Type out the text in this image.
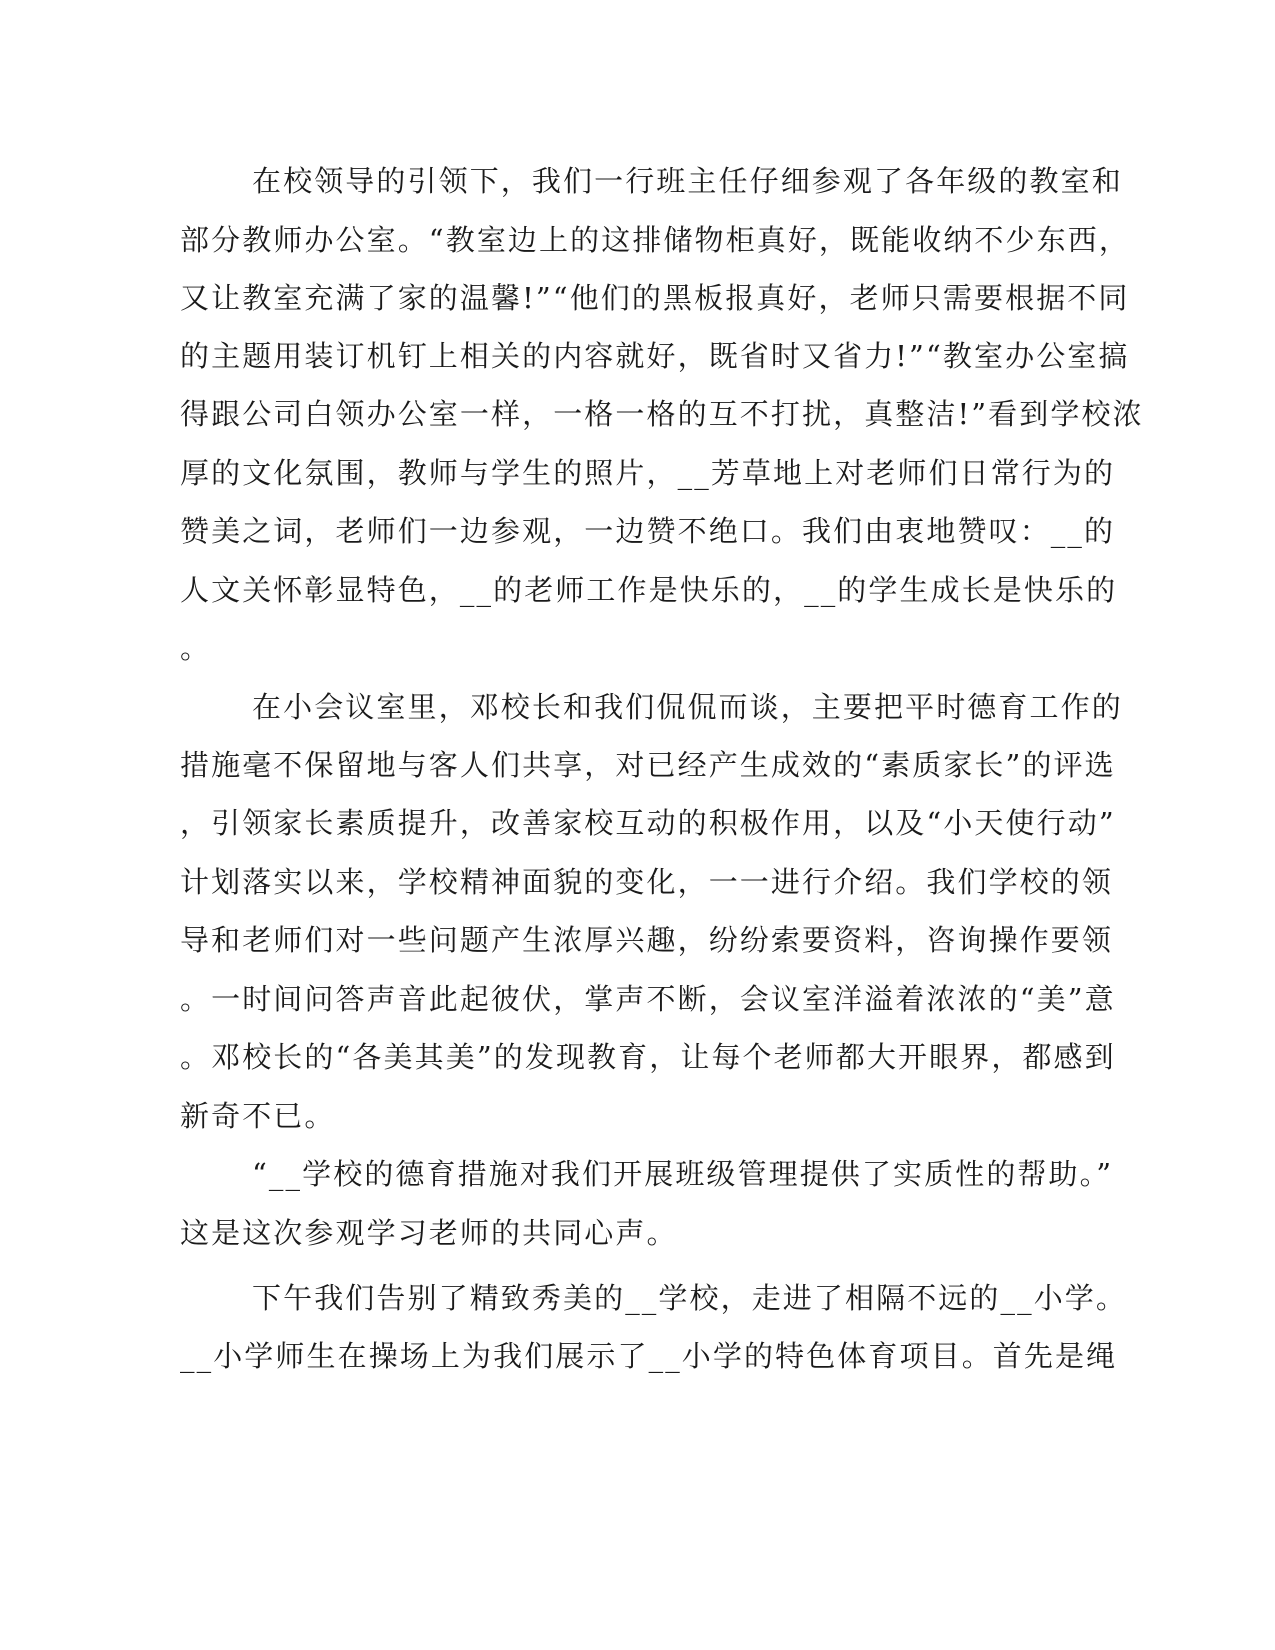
在校领导的引领下，我们一行班主任仔细参观了各年级的教室和
部分教师办公室。“教室边上的这排储物柜真好，既能收纳不少东西，
又让教室充满了家的温馨!”“他们的黑板报真好，老师只需要根据不同
的主题用装订机钉上相关的内容就好，既省时又省力!”“教室办公室搞
得跟公司白领办公室一样，一格一格的互不打扰，真整洁!”看到学校浓
厚的文化氛围，教师与学生的照片，__芳草地上对老师们日常行为的
赞美之词，老师们一边参观，一边赞不绝口。我们由衷地赞叹：__的
人文关怀彰显特色，__的老师工作是快乐的，__的学生成长是快乐的
。
在小会议室里，邓校长和我们侃侃而谈，主要把平时德育工作的
措施毫不保留地与客人们共享，对已经产生成效的“素质家长”的评选
，引领家长素质提升，改善家校互动的积极作用，以及“小天使行动”
计划落实以来，学校精神面貌的变化，一一进行介绍。我们学校的领
导和老师们对一些问题产生浓厚兴趣，纷纷索要资料，咨询操作要领
。一时间问答声音此起彼伏，掌声不断，会议室洋溢着浓浓的“美”意
。邓校长的“各美其美”的发现教育，让每个老师都大开眼界，都感到
新奇不已。
“__学校的德育措施对我们开展班级管理提供了实质性的帮助。”
这是这次参观学习老师的共同心声。
下午我们告别了精致秀美的__学校，走进了相隔不远的__小学。
__小学师生在操场上为我们展示了__小学的特色体育项目。首先是绳
